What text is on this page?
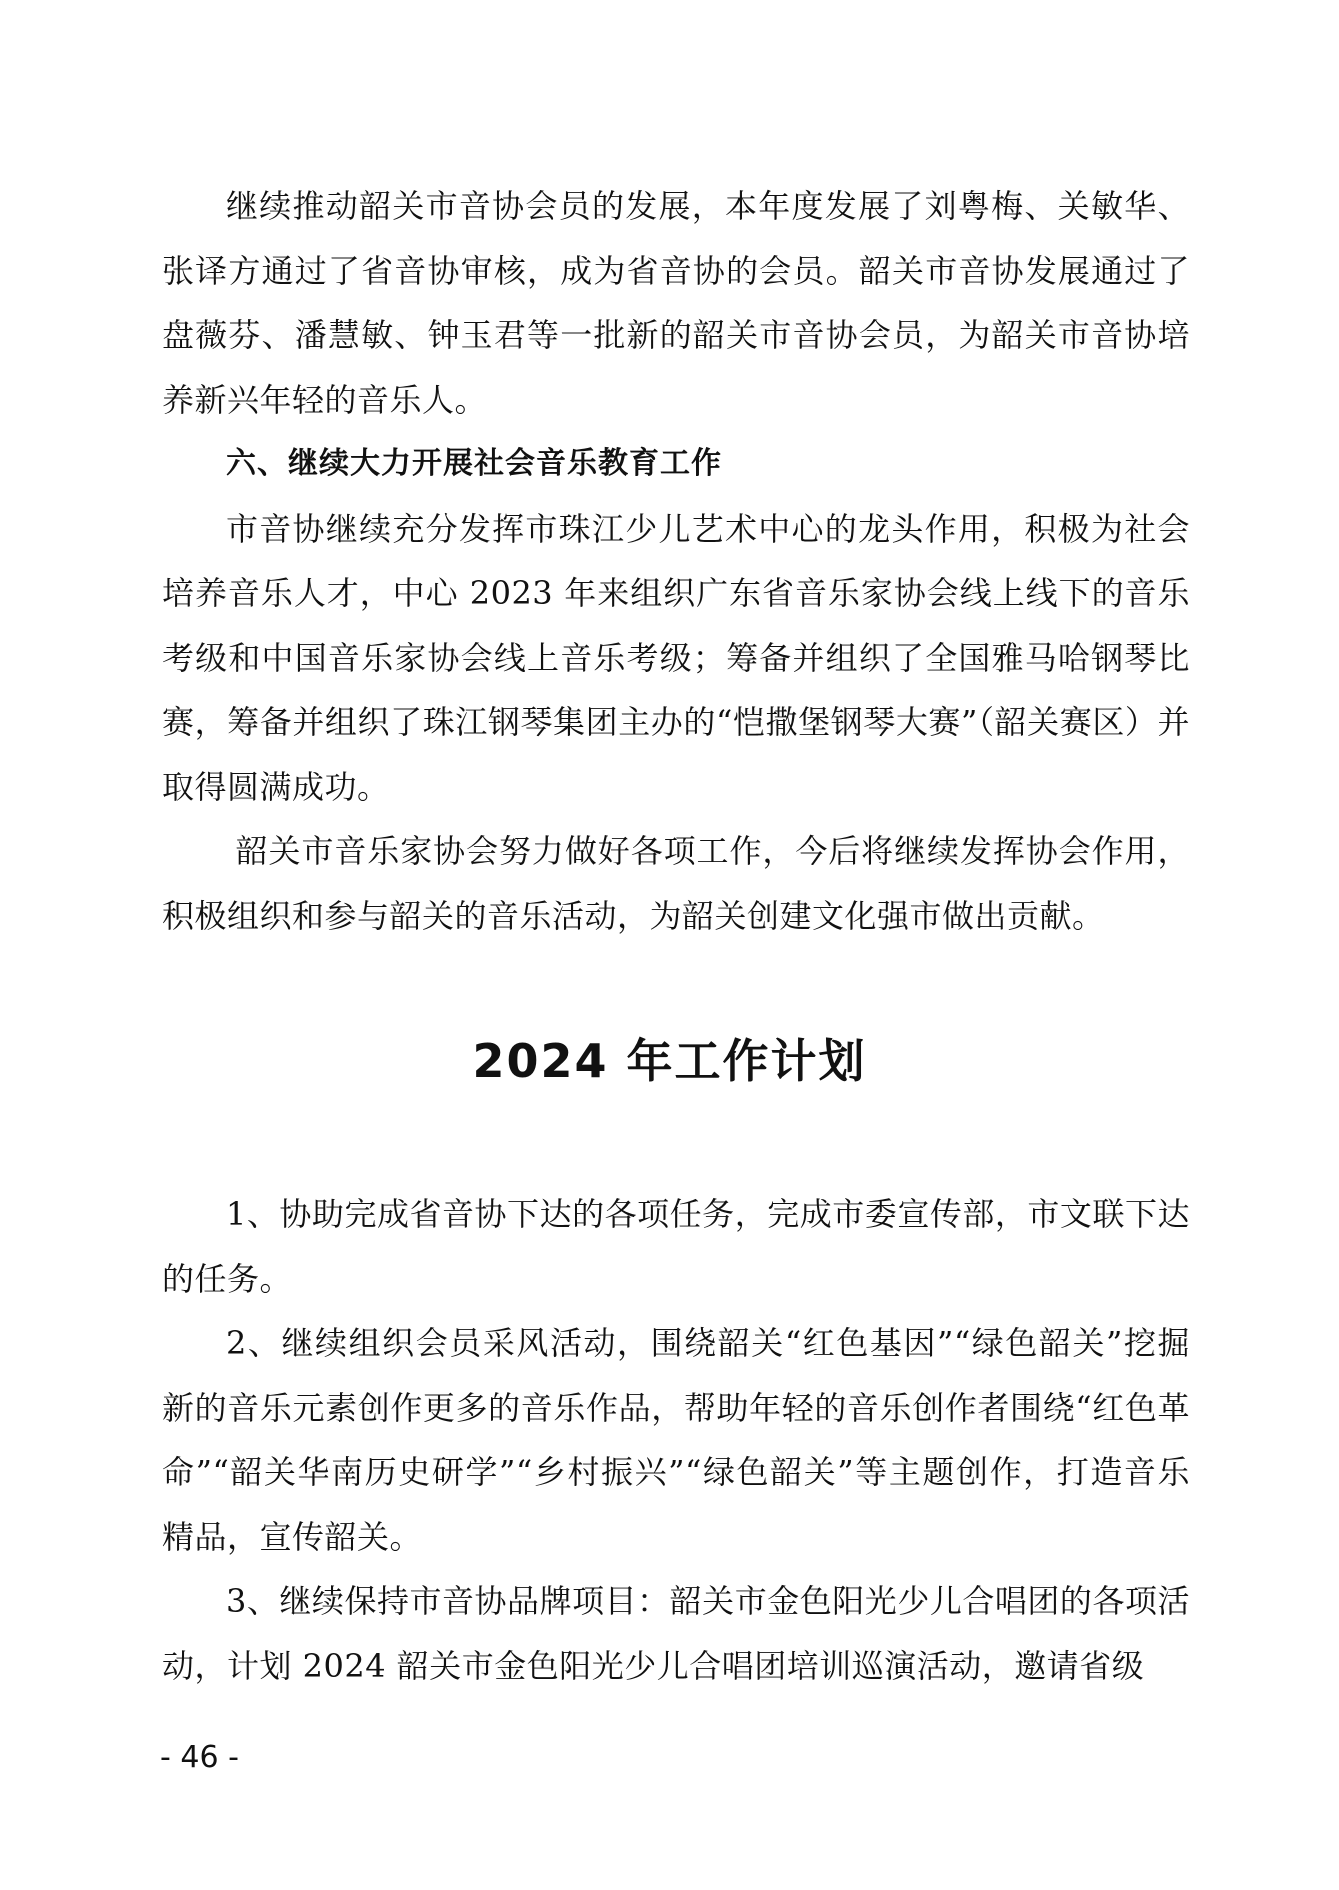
继续推动韶关市音协会员的发展，本年度发展了刘粤梅、关敏华、张译方通过了省音协审核，成为省音协的会员。韶关市音协发展通过了盘薇芬、潘慧敏、钟玉君等一批新的韶关市音协会员，为韶关市音协培养新兴年轻的音乐人。

六、继续大力开展社会音乐教育工作

市音协继续充分发挥市珠江少儿艺术中心的龙头作用，积极为社会培养音乐人才，中心 2023 年来组织广东省音乐家协会线上线下的音乐考级和中国音乐家协会线上音乐考级；筹备并组织了全国雅马哈钢琴比赛，筹备并组织了珠江钢琴集团主办的“恺撒堡钢琴大赛”（韶关赛区）并取得圆满成功。

韶关市音乐家协会努力做好各项工作，今后将继续发挥协会作用，积极组织和参与韶关的音乐活动，为韶关创建文化强市做出贡献。

2024 年工作计划

1、协助完成省音协下达的各项任务，完成市委宣传部，市文联下达的任务。

2、继续组织会员采风活动，围绕韶关“红色基因”“绿色韶关”挖掘新的音乐元素创作更多的音乐作品，帮助年轻的音乐创作者围绕“红色革命”“韶关华南历史研学”“乡村振兴”“绿色韶关”等主题创作，打造音乐精品，宣传韶关。

3、继续保持市音协品牌项目：韶关市金色阳光少儿合唱团的各项活动，计划 2024 韶关市金色阳光少儿合唱团培训巡演活动，邀请省级

- 46 -
